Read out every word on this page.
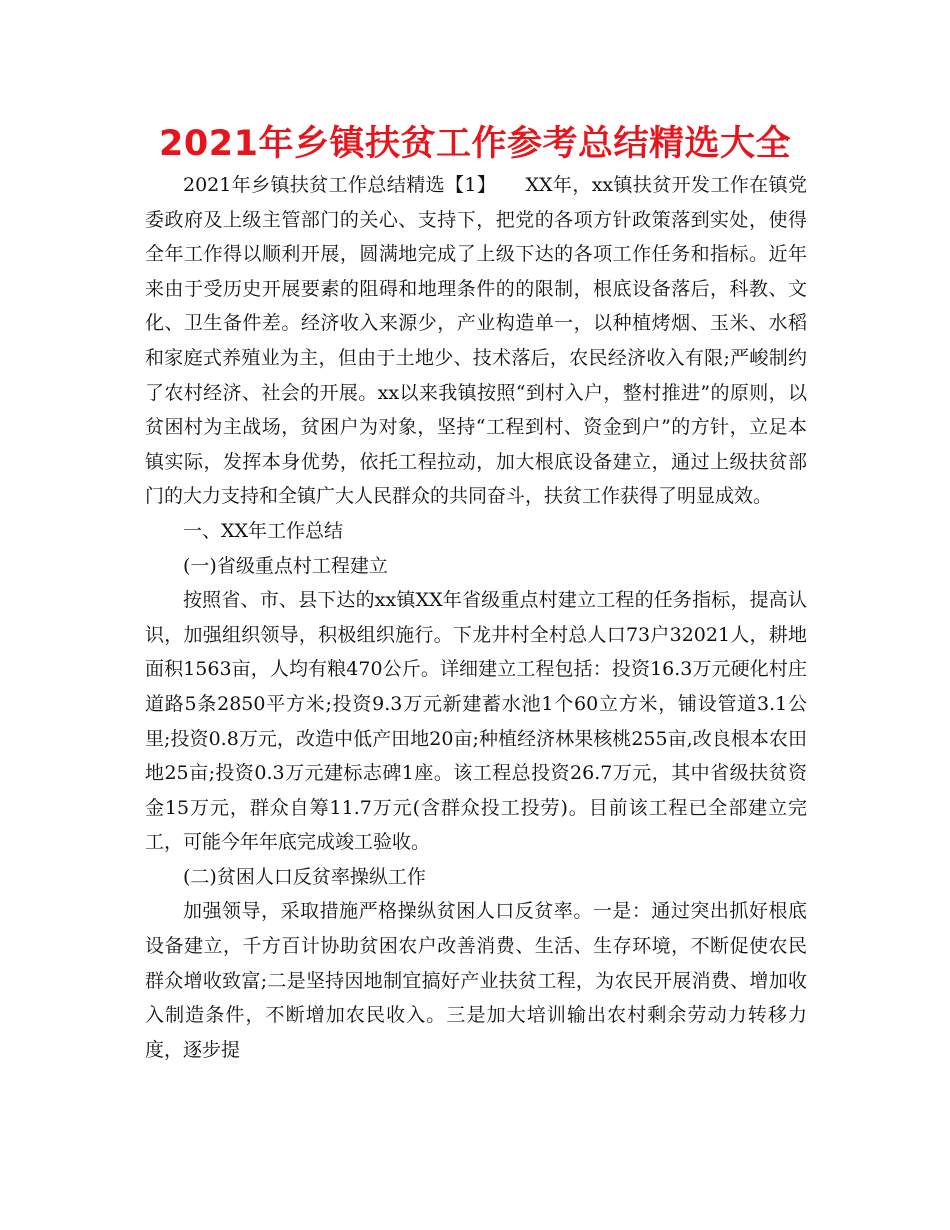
2021年乡镇扶贫工作参考总结精选大全

2021年乡镇扶贫工作总结精选【1】　　XX年，xx镇扶贫开发工作在镇党委政府及上级主管部门的关心、支持下，把党的各项方针政策落到实处，使得全年工作得以顺利开展，圆满地完成了上级下达的各项工作任务和指标。近年来由于受历史开展要素的阻碍和地理条件的的限制，根底设备落后，科教、文化、卫生备件差。经济收入来源少，产业构造单一，以种植烤烟、玉米、水稻和家庭式养殖业为主，但由于土地少、技术落后，农民经济收入有限;严峻制约了农村经济、社会的开展。xx以来我镇按照“到村入户，整村推进”的原则，以贫困村为主战场，贫困户为对象，坚持“工程到村、资金到户”的方针，立足本镇实际，发挥本身优势，依托工程拉动，加大根底设备建立，通过上级扶贫部门的大力支持和全镇广大人民群众的共同奋斗，扶贫工作获得了明显成效。

一、XX年工作总结

(一)省级重点村工程建立

按照省、市、县下达的xx镇XX年省级重点村建立工程的任务指标，提高认识，加强组织领导，积极组织施行。下龙井村全村总人口73户32021人，耕地面积1563亩，人均有粮470公斤。详细建立工程包括：投资16.3万元硬化村庄道路5条2850平方米;投资9.3万元新建蓄水池1个60立方米，铺设管道3.1公里;投资0.8万元，改造中低产田地20亩;种植经济林果核桃255亩,改良根本农田地25亩;投资0.3万元建标志碑1座。该工程总投资26.7万元，其中省级扶贫资金15万元，群众自筹11.7万元(含群众投工投劳)。目前该工程已全部建立完工，可能今年年底完成竣工验收。

(二)贫困人口反贫率操纵工作

加强领导，采取措施严格操纵贫困人口反贫率。一是：通过突出抓好根底设备建立，千方百计协助贫困农户改善消费、生活、生存环境，不断促使农民群众增收致富;二是坚持因地制宜搞好产业扶贫工程，为农民开展消费、增加收入制造条件，不断增加农民收入。三是加大培训输出农村剩余劳动力转移力度，逐步提
